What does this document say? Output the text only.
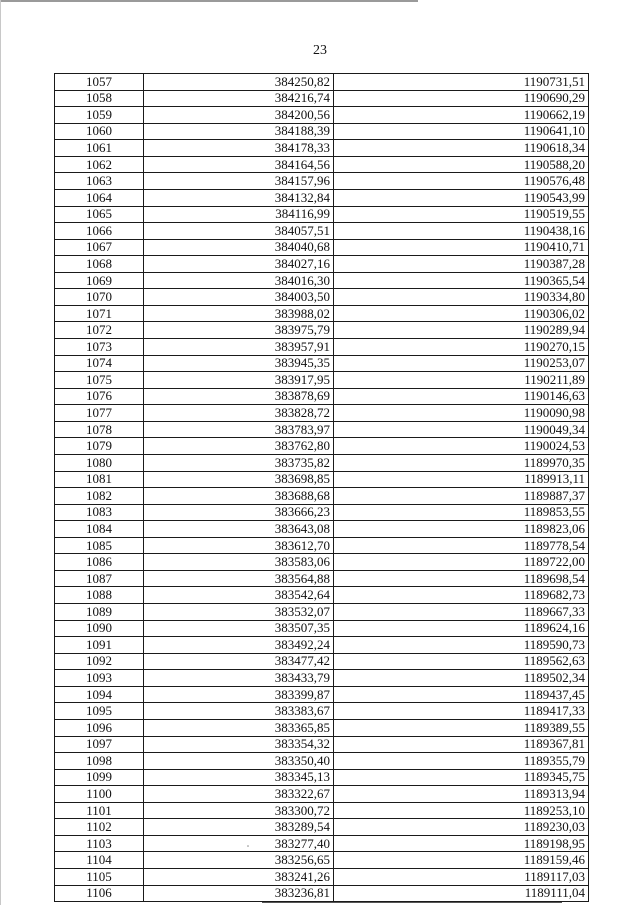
23
1057	384250,82	1190731,51
1058	384216,74	1190690,29
1059	384200,56	1190662,19
1060	384188,39	1190641,10
1061	384178,33	1190618,34
1062	384164,56	1190588,20
1063	384157,96	1190576,48
1064	384132,84	1190543,99
1065	384116,99	1190519,55
1066	384057,51	1190438,16
1067	384040,68	1190410,71
1068	384027,16	1190387,28
1069	384016,30	1190365,54
1070	384003,50	1190334,80
1071	383988,02	1190306,02
1072	383975,79	1190289,94
1073	383957,91	1190270,15
1074	383945,35	1190253,07
1075	383917,95	1190211,89
1076	383878,69	1190146,63
1077	383828,72	1190090,98
1078	383783,97	1190049,34
1079	383762,80	1190024,53
1080	383735,82	1189970,35
1081	383698,85	1189913,11
1082	383688,68	1189887,37
1083	383666,23	1189853,55
1084	383643,08	1189823,06
1085	383612,70	1189778,54
1086	383583,06	1189722,00
1087	383564,88	1189698,54
1088	383542,64	1189682,73
1089	383532,07	1189667,33
1090	383507,35	1189624,16
1091	383492,24	1189590,73
1092	383477,42	1189562,63
1093	383433,79	1189502,34
1094	383399,87	1189437,45
1095	383383,67	1189417,33
1096	383365,85	1189389,55
1097	383354,32	1189367,81
1098	383350,40	1189355,79
1099	383345,13	1189345,75
1100	383322,67	1189313,94
1101	383300,72	1189253,10
1102	383289,54	1189230,03
1103	383277,40	1189198,95
1104	383256,65	1189159,46
1105	383241,26	1189117,03
1106	383236,81	1189111,04
